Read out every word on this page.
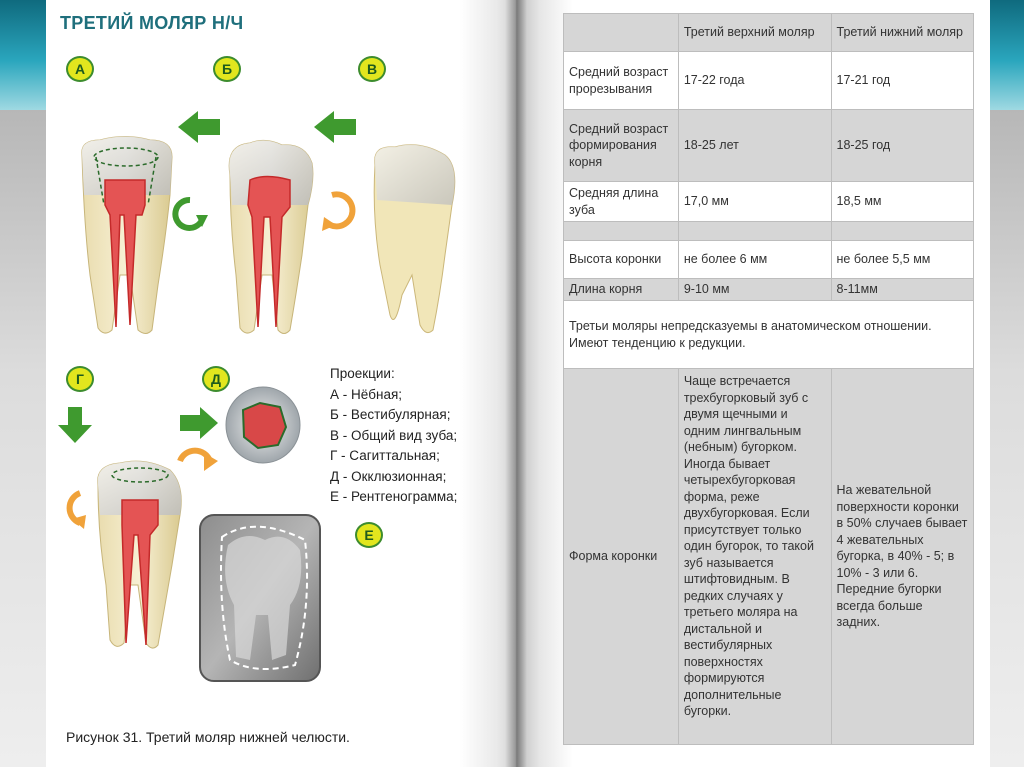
ТРЕТИЙ МОЛЯР Н/Ч
А	Б	В
Г	Д
Е
Проекции:
А - Нёбная;
Б - Вестибулярная;
В - Общий вид зуба;
Г - Сагиттальная;
Д - Окклюзионная;
Е - Рентгенограмма;
Рисунок 31. Третий моляр нижней челюсти.
	Третий верхний моляр	Третий нижний моляр
Средний возраст прорезывания	17-22 года	17-21 год
Средний возраст формирования корня	18-25 лет	18-25 год
Средняя длина зуба	17,0 мм	18,5 мм

Высота коронки	не более 6 мм	не более 5,5 мм
Длина корня	9-10 мм	8-11мм
Третьи моляры непредсказуемы в анатомическом отношении. Имеют тенденцию к редукции.		
Форма коронки	Чаще встречается трехбугорковый зуб с двумя щечными и одним лингвальным (небным) бугорком. Иногда бывает четырехбугорковая форма, реже двухбугорковая. Если присутствует только один бугорок, то такой зуб называется штифтовидным. В редких случаях у третьего моляра на дистальной и вестибулярных поверхностях формируются дополнительные бугорки.	На жевательной поверхности коронки в 50% случаев бывает 4 жевательных бугорка, в 40% - 5; в 10% - 3 или 6. Передние бугорки всегда больше задних.
